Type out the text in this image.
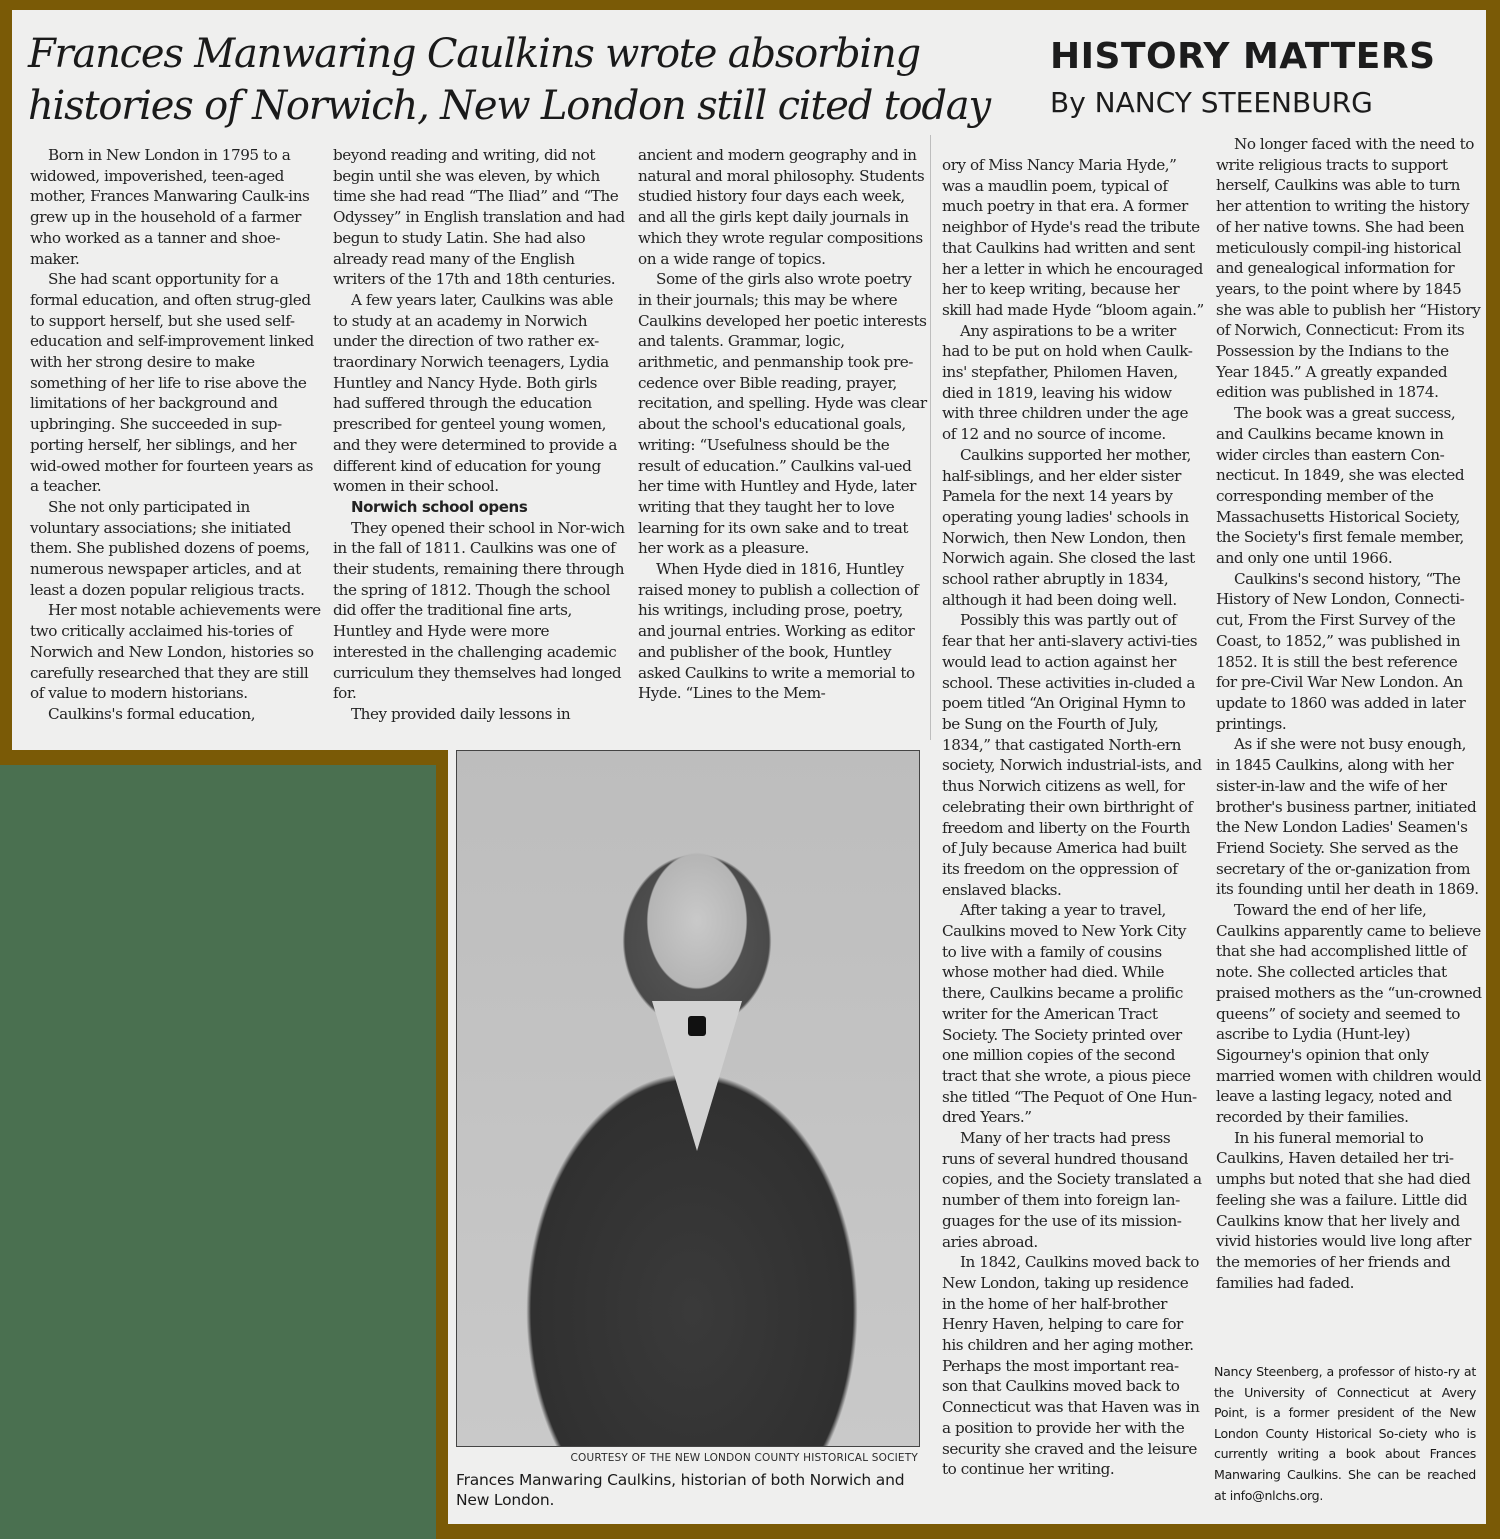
Frances Manwaring Caulkins wrote absorbing
histories of Norwich, New London still cited today
HISTORY MATTERS
By NANCY STEENBURG

Born in New London in 1795 to a widowed, impoverished, teen-aged mother, Frances Manwaring Caulk-ins grew up in the household of a farmer who worked as a tanner and shoe-maker.

She had scant opportunity for a formal education, and often strug-gled to support herself, but she used self-education and self-improvement linked with her strong desire to make something of her life to rise above the limitations of her background and upbringing. She succeeded in sup-porting herself, her siblings, and her wid-owed mother for fourteen years as a teacher.

She not only participated in voluntary associations; she initiated them. She published dozens of poems, numerous newspaper articles, and at least a dozen popular religious tracts.

Her most notable achievements were two critically acclaimed his-tories of Norwich and New London, histories so carefully researched that they are still of value to modern historians.

Caulkins's formal education,

beyond reading and writing, did not begin until she was eleven, by which time she had read “The Iliad” and “The Odyssey” in English translation and had begun to study Latin. She had also already read many of the English writers of the 17th and 18th centuries.

A few years later, Caulkins was able to study at an academy in Norwich under the direction of two rather ex-traordinary Norwich teenagers, Lydia Huntley and Nancy Hyde. Both girls had suffered through the education prescribed for genteel young women, and they were determined to provide a different kind of education for young women in their school.

Norwich school opens

They opened their school in Nor-wich in the fall of 1811. Caulkins was one of their students, remaining there through the spring of 1812. Though the school did offer the traditional fine arts, Huntley and Hyde were more interested in the challenging academic curriculum they themselves had longed for.

They provided daily lessons in

ancient and modern geography and in natural and moral philosophy. Students studied history four days each week, and all the girls kept daily journals in which they wrote regular compositions on a wide range of topics.

Some of the girls also wrote poetry in their journals; this may be where Caulkins developed her poetic interests and talents. Grammar, logic, arithmetic, and penmanship took pre-cedence over Bible reading, prayer, recitation, and spelling. Hyde was clear about the school's educational goals, writing: “Usefulness should be the result of education.” Caulkins val-ued her time with Huntley and Hyde, later writing that they taught her to love learning for its own sake and to treat her work as a pleasure.

When Hyde died in 1816, Huntley raised money to publish a collection of his writings, including prose, poetry, and journal entries. Working as editor and publisher of the book, Huntley asked Caulkins to write a memorial to Hyde. “Lines to the Mem-

ory of Miss Nancy Maria Hyde,” was a maudlin poem, typical of much poetry in that era. A former neighbor of Hyde's read the tribute that Caulkins had written and sent her a letter in which he encouraged her to keep writing, because her skill had made Hyde “bloom again.”

Any aspirations to be a writer had to be put on hold when Caulk-ins' stepfather, Philomen Haven, died in 1819, leaving his widow with three children under the age of 12 and no source of income.

Caulkins supported her mother, half-siblings, and her elder sister Pamela for the next 14 years by operating young ladies' schools in Norwich, then New London, then Norwich again. She closed the last school rather abruptly in 1834, although it had been doing well.

Possibly this was partly out of fear that her anti-slavery activi-ties would lead to action against her school. These activities in-cluded a poem titled “An Original Hymn to be Sung on the Fourth of July, 1834,” that castigated North-ern society, Norwich industrial-ists, and thus Norwich citizens as well, for celebrating their own birthright of freedom and liberty on the Fourth of July because America had built its freedom on the oppression of enslaved blacks.

After taking a year to travel, Caulkins moved to New York City to live with a family of cousins whose mother had died. While there, Caulkins became a prolific writer for the American Tract Society. The Society printed over one million copies of the second tract that she wrote, a pious piece she titled “The Pequot of One Hun-dred Years.”

Many of her tracts had press runs of several hundred thousand copies, and the Society translated a number of them into foreign lan-guages for the use of its mission-aries abroad.

In 1842, Caulkins moved back to New London, taking up residence in the home of her half-brother Henry Haven, helping to care for his children and her aging mother. Perhaps the most important rea-son that Caulkins moved back to Connecticut was that Haven was in a position to provide her with the security she craved and the leisure to continue her writing.

No longer faced with the need to write religious tracts to support herself, Caulkins was able to turn her attention to writing the history of her native towns. She had been meticulously compil-ing historical and genealogical information for years, to the point where by 1845 she was able to publish her “History of Norwich, Connecticut: From its Possession by the Indians to the Year 1845.” A greatly expanded edition was published in 1874.

The book was a great success, and Caulkins became known in wider circles than eastern Con-necticut. In 1849, she was elected corresponding member of the Massachusetts Historical Society, the Society's first female member, and only one until 1966.

Caulkins's second history, “The History of New London, Connecti-cut, From the First Survey of the Coast, to 1852,” was published in 1852. It is still the best reference for pre-Civil War New London. An update to 1860 was added in later printings.

As if she were not busy enough, in 1845 Caulkins, along with her sister-in-law and the wife of her brother's business partner, initiated the New London Ladies' Seamen's Friend Society. She served as the secretary of the or-ganization from its founding until her death in 1869.

Toward the end of her life, Caulkins apparently came to believe that she had accomplished little of note. She collected articles that praised mothers as the “un-crowned queens” of society and seemed to ascribe to Lydia (Hunt-ley) Sigourney's opinion that only married women with children would leave a lasting legacy, noted and recorded by their families.

In his funeral memorial to Caulkins, Haven detailed her tri-umphs but noted that she had died feeling she was a failure. Little did Caulkins know that her lively and vivid histories would live long after the memories of her friends and families had faded.

COURTESY OF THE NEW LONDON COUNTY HISTORICAL SOCIETY
Frances Manwaring Caulkins, historian of both Norwich and New London.
Nancy Steenberg, a professor of histo-ry at the University of Connecticut at Avery Point, is a former president of the New London County Historical So-ciety who is currently writing a book about Frances Manwaring Caulkins. She can be reached at info@nlchs.org.
